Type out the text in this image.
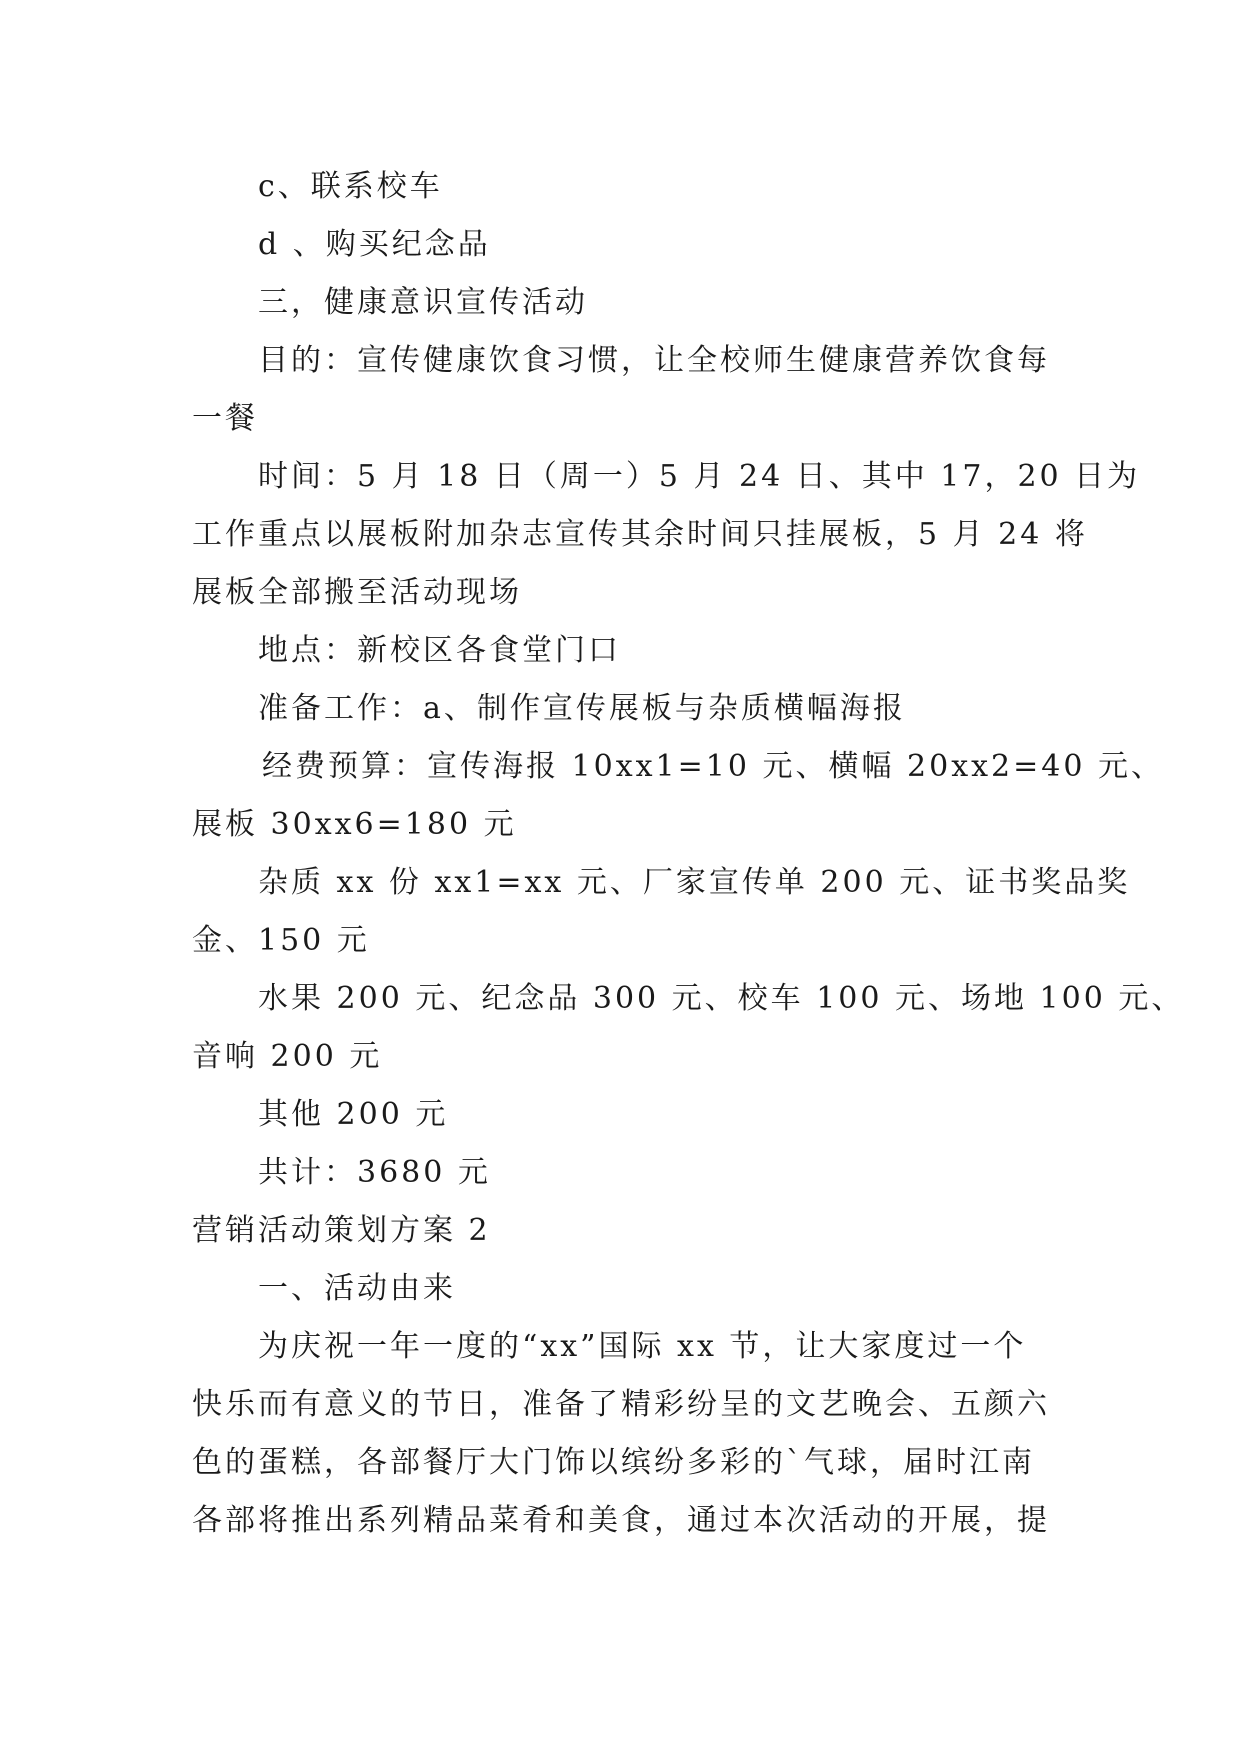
c、联系校车
d 、购买纪念品
三，健康意识宣传活动
目的：宣传健康饮食习惯，让全校师生健康营养饮食每
一餐
时间：5 月 18 日（周一）5 月 24 日、其中 17，20 日为
工作重点以展板附加杂志宣传其余时间只挂展板，5 月 24 将
展板全部搬至活动现场
地点：新校区各食堂门口
准备工作：a、制作宣传展板与杂质横幅海报
经费预算：宣传海报 10xx1=10 元、横幅 20xx2=40 元、
展板 30xx6=180 元
杂质 xx 份 xx1=xx 元、厂家宣传单 200 元、证书奖品奖
金、150 元
水果 200 元、纪念品 300 元、校车 100 元、场地 100 元、
音响 200 元
其他 200 元
共计：3680 元
营销活动策划方案 2
一、活动由来
为庆祝一年一度的“xx”国际 xx 节，让大家度过一个
快乐而有意义的节日，准备了精彩纷呈的文艺晚会、五颜六
色的蛋糕，各部餐厅大门饰以缤纷多彩的`气球，届时江南
各部将推出系列精品菜肴和美食，通过本次活动的开展，提
